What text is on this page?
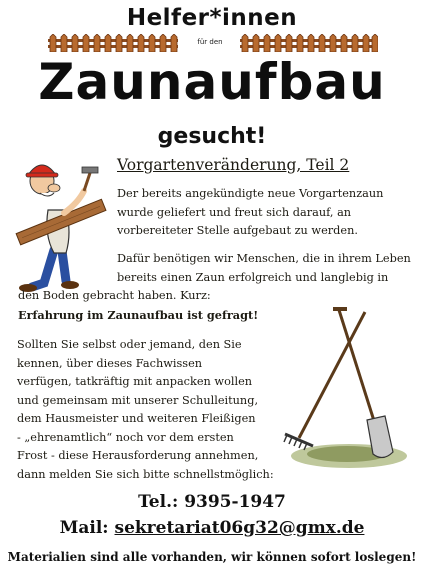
Helfer*innen
für den
Zaunaufbau
gesucht!
Vorgartenveränderung, Teil 2
Der bereits angekündigte neue Vorgartenzaun
wurde geliefert und freut sich darauf, an
vorbereiteter Stelle aufgebaut zu werden.
Dafür benötigen wir Menschen, die in ihrem Leben
bereits einen Zaun erfolgreich und langlebig in
den Boden gebracht haben. Kurz:
Erfahrung im Zaunaufbau ist gefragt!
Sollten Sie selbst oder jemand, den Sie
kennen, über dieses Fachwissen
verfügen, tatkräftig mit anpacken wollen
und gemeinsam mit unserer Schulleitung,
dem Hausmeister und weiteren Fleißigen
- „ehrenamtlich“ noch vor dem ersten
Frost - diese Herausforderung annehmen,
dann melden Sie sich bitte schnellstmöglich:
Tel.: 9395-1947
Mail: sekretariat06g32@gmx.de
Materialien sind alle vorhanden, wir können sofort loslegen!
